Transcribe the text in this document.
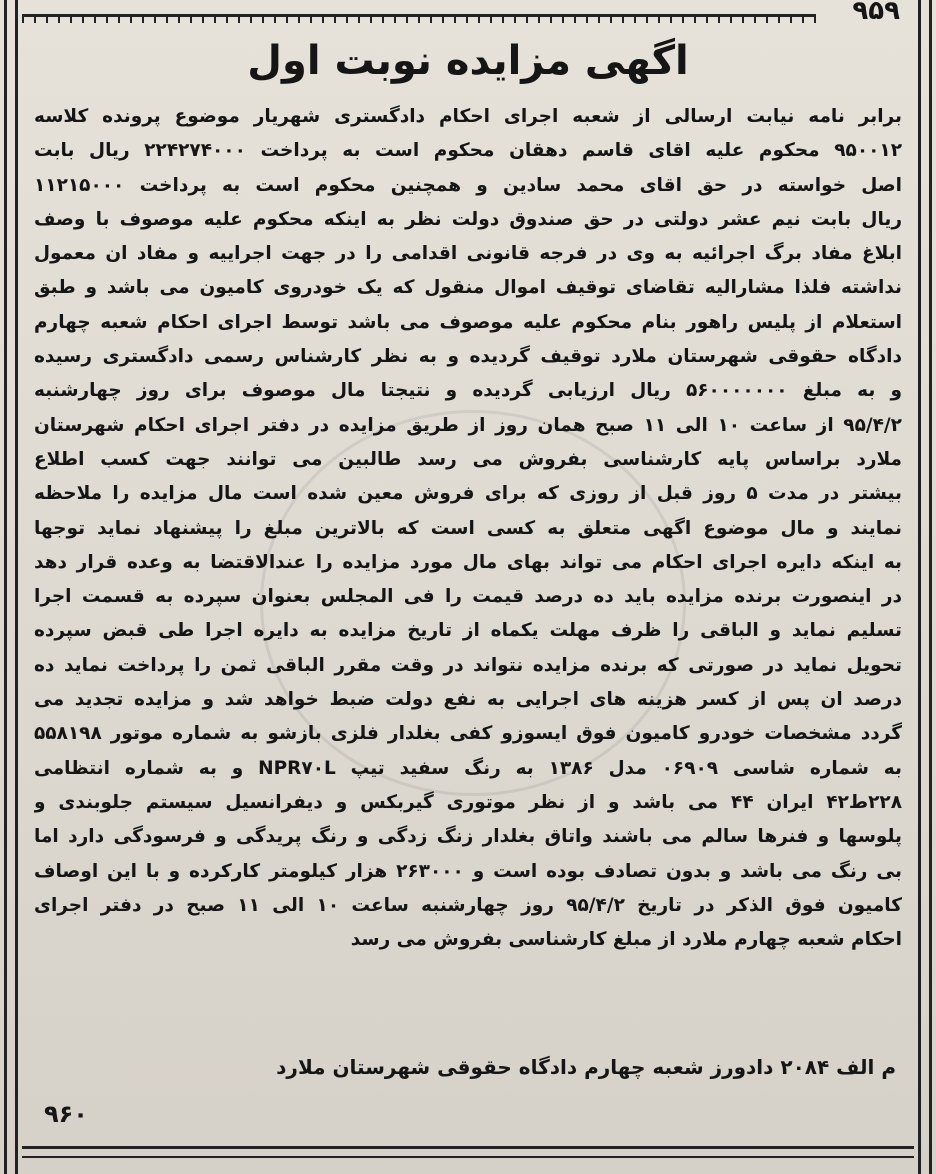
۹۵۹
اگهی مزایده نوبت اول
برابر نامه نیابت ارسالی از شعبه اجرای احکام دادگستری شهریار موضوع پرونده کلاسه
۹۵۰۰۱۲ محکوم علیه اقای قاسم دهقان محکوم است به پرداخت ۲۲۴۲۷۴۰۰۰ ریال بابت
اصل خواسته در حق اقای محمد سادین و همچنین محکوم است به پرداخت ۱۱۲۱۵۰۰۰
ریال بابت نیم عشر دولتی در حق صندوق دولت نظر به اینکه محکوم علیه موصوف با وصف
ابلاغ مفاد برگ اجرائیه به وی در فرجه قانونی اقدامی را در جهت اجراییه و مفاد ان معمول
نداشته فلذا مشارالیه تقاضای توقیف اموال منقول که یک خودروی کامیون می باشد و طبق
استعلام از پلیس راهور بنام محکوم علیه موصوف می باشد توسط اجرای احکام شعبه چهارم
دادگاه حقوقی شهرستان ملارد توقیف گردیده و به نظر کارشناس رسمی دادگستری رسیده
و به مبلغ ۵۶۰۰۰۰۰۰۰ ریال ارزیابی گردیده و نتیجتا مال موصوف برای روز چهارشنبه
۹۵/۴/۲ از ساعت ۱۰ الی ۱۱ صبح همان روز از طریق مزایده در دفتر اجرای احکام شهرستان
ملارد براساس پایه کارشناسی بفروش می رسد طالبین می توانند جهت کسب اطلاع
بیشتر در مدت ۵ روز قبل از روزی که برای فروش معین شده است مال مزایده را ملاحظه
نمایند و مال موضوع اگهی متعلق به کسی است که بالاترین مبلغ را پیشنهاد نماید توجها
به اینکه دایره اجرای احکام می تواند بهای مال مورد مزایده را عندالاقتضا به وعده قرار دهد
در اینصورت برنده مزایده باید ده درصد قیمت را فی المجلس بعنوان سپرده به قسمت اجرا
تسلیم نماید و الباقی را ظرف مهلت یکماه از تاریخ مزایده به دایره اجرا طی قبض سپرده
تحویل نماید در صورتی که برنده مزایده نتواند در وقت مقرر الباقی ثمن را پرداخت نماید ده
درصد ان پس از کسر هزینه های اجرایی به نفع دولت ضبط خواهد شد و مزایده تجدید می
گردد مشخصات خودرو کامیون فوق ایسوزو کفی بغلدار فلزی بازشو به شماره موتور ۵۵۸۱۹۸
به شماره شاسی ۰۶۹۰۹ مدل ۱۳۸۶ به رنگ سفید تیپ NPR۷۰L و به شماره انتظامی
۲۲۸ط۴۲ ایران ۴۴ می باشد و از نظر موتوری گیربکس و دیفرانسیل سیستم جلوبندی و
پلوسها و فنرها سالم می باشند واتاق بغلدار زنگ زدگی و رنگ پریدگی و فرسودگی دارد اما
بی رنگ می باشد و بدون تصادف بوده است و ۲۶۳۰۰۰ هزار کیلومتر کارکرده و با این اوصاف
کامیون فوق الذکر در تاریخ ۹۵/۴/۲ روز چهارشنبه ساعت ۱۰ الی ۱۱ صبح در دفتر اجرای
احکام شعبه چهارم ملارد از مبلغ کارشناسی بفروش می رسد
م الف ۲۰۸۴ دادورز شعبه چهارم دادگاه حقوقی شهرستان ملارد
۹۶۰
